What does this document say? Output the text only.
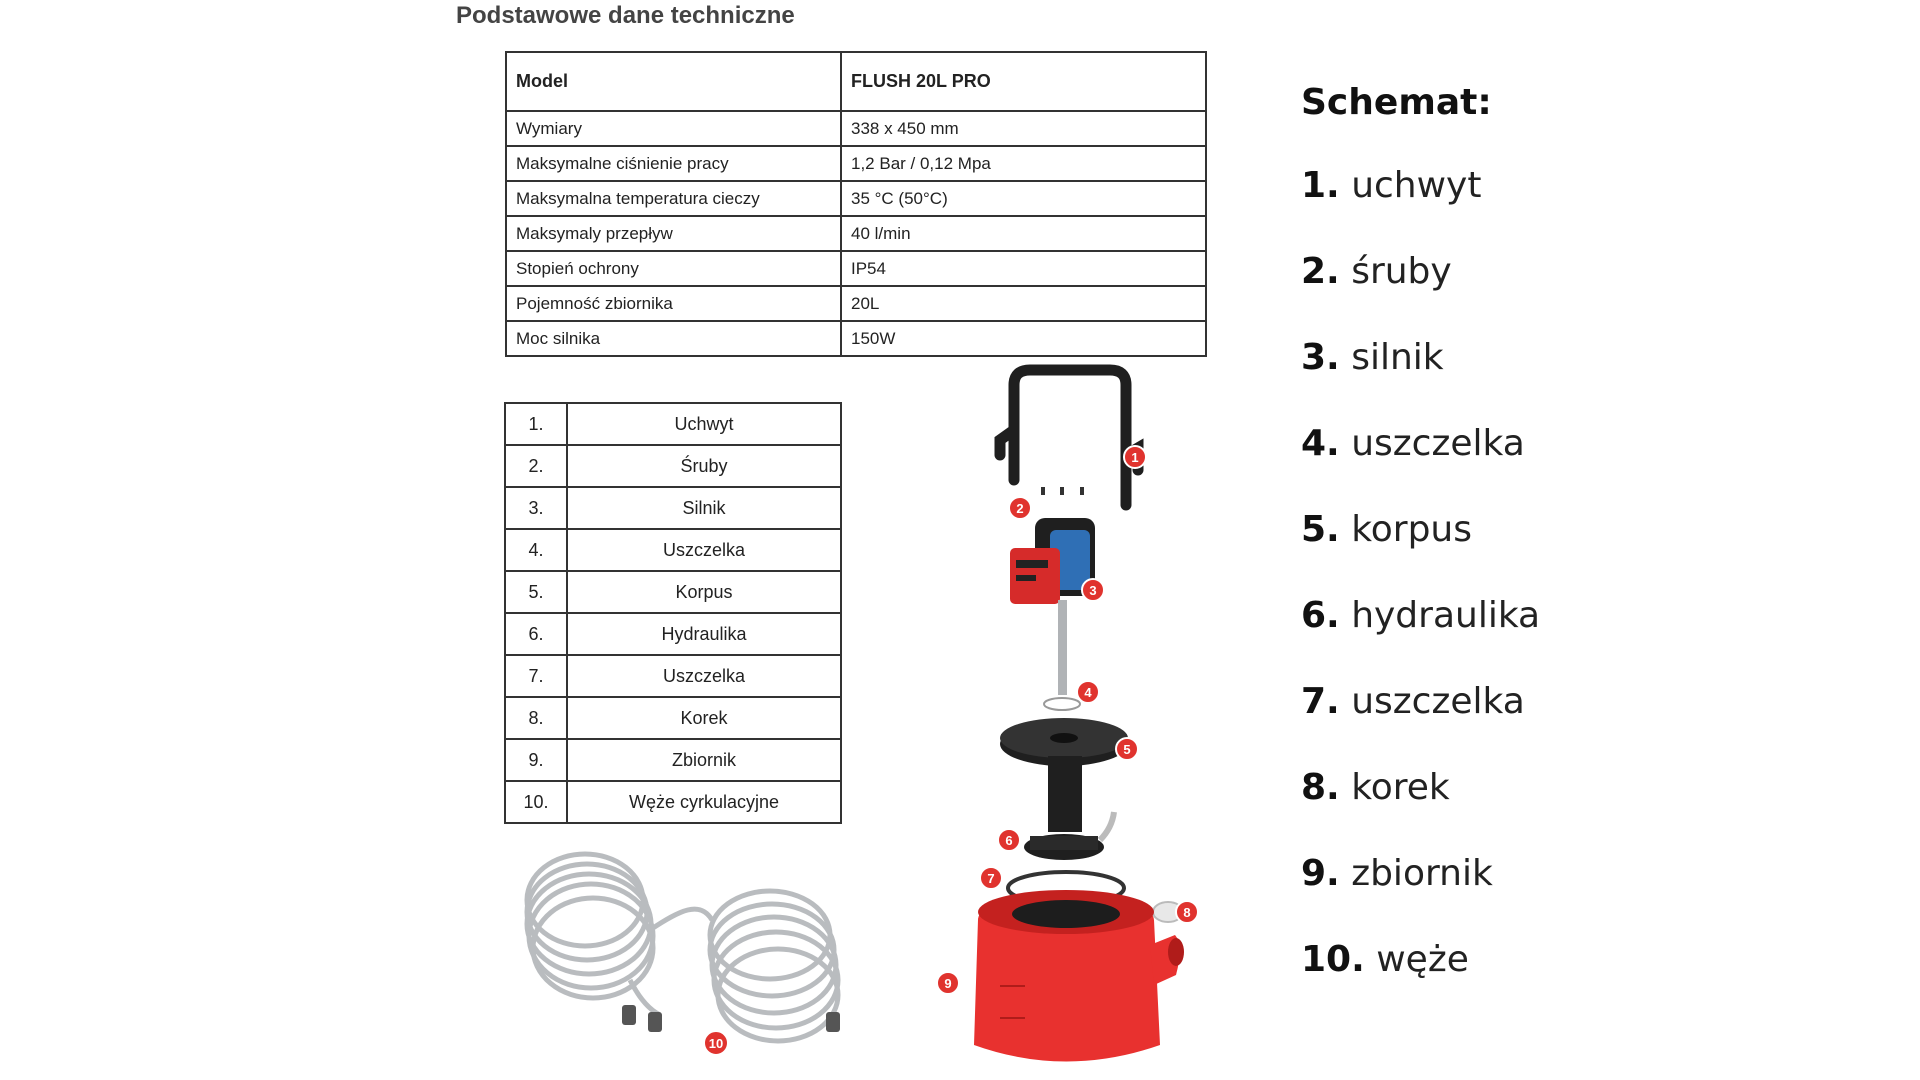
Podstawowe dane techniczne
Model	FLUSH 20L PRO
Wymiary	338 x 450 mm
Maksymalne ciśnienie pracy	1,2 Bar / 0,12 Mpa
Maksymalna temperatura cieczy	35 °C (50°C)
Maksymaly przepływ	40 l/min
Stopień ochrony	IP54
Pojemność zbiornika	20L
Moc silnika	150W
1.	Uchwyt
2.	Śruby
3.	Silnik
4.	Uszczelka
5.	Korpus
6.	Hydraulika
7.	Uszczelka
8.	Korek
9.	Zbiornik
10.	Węże cyrkulacyjne
1
2
3
4
5
6
7
8
9
10
Schemat:
1. uchwyt
2. śruby
3. silnik
4. uszczelka
5. korpus
6. hydraulika
7. uszczelka
8. korek
9. zbiornik
10. węże
